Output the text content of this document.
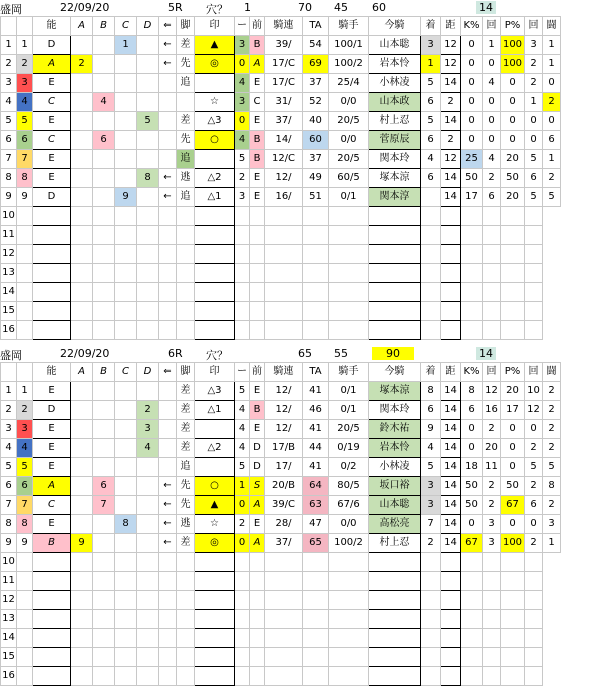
盛岡	22/09/20	5R 穴？ 1	70 45 60	14
		能	A	B	C	D	⇐	脚	印	ー	前	騎連	TA	騎手	今騎	着	距	K%	回	P%	回	闘
1	1	D			1		←	差	▲	3	B	39/	54	100/1	山本聡	3	12	0	1	100	3	1
2	2	A	2				←	先	◎	0	A	17/C	69	100/2	岩本怜	1	12	0	0	100	2	1
3	3	E						追		4	E	17/C	37	25/4	小林凌	5	14	0	4	0	2	0
4	4	C		4					☆	3	C	31/	52	0/0	山本政	6	2	0	0	0	1	2
5	5	E				5		差	△3	0	E	37/	40	20/5	村上忍	5	14	0	0	0	0	0
6	6	C		6				先	○	4	B	14/	60	0/0	菅原辰	6	2	0	0	0	0	6
7	7	E						追		5	B	12/C	37	20/5	関本玲	4	12	25	4	20	5	1
8	8	E				8	←	逃	△2	2	E	12/	49	60/5	塚本涼	6	14	50	2	50	6	2
9	9	D			9		←	追	△1	3	E	16/	51	0/1	関本淳		14	17	6	20	5	5
10																						
11																						
12																						
13																						
14																						
15																						
16																						
盛岡	22/09/20	6R 穴？	65 55	90	14
		能	A	B	C	D	⇐	脚	印	ー	前	騎連	TA	騎手	今騎	着	距	K%	回	P%	回	闘
1	1	E						差	△3	5	E	12/	41	0/1	塚本涼	8	14	8	12	20	10	2
2	2	D				2		差	△1	4	B	12/	46	0/1	関本玲	6	14	6	16	17	12	2
3	3	E				3		差		4	E	12/	41	20/5	鈴木祐	9	14	0	2	0	0	2
4	4	E				4		差	△2	4	D	17/B	44	0/19	岩本怜	4	14	0	20	0	2	2
5	5	E						追		5	D	17/	41	0/2	小林凌	5	14	18	11	0	5	5
6	6	A		6			←	先	○	1	S	20/B	64	80/5	坂口裕	3	14	50	2	50	2	8
7	7	C		7			←	先	▲	0	A	39/C	63	67/6	山本聡	3	14	50	2	67	6	2
8	8	E			8		←	逃	☆	2	E	28/	47	0/0	高松亮	7	14	0	3	0	0	3
9	9	B	9				←	差	◎	0	A	37/	65	100/2	村上忍	2	14	67	3	100	2	1
10																						
11																						
12																						
13																						
14																						
15																						
16																						
